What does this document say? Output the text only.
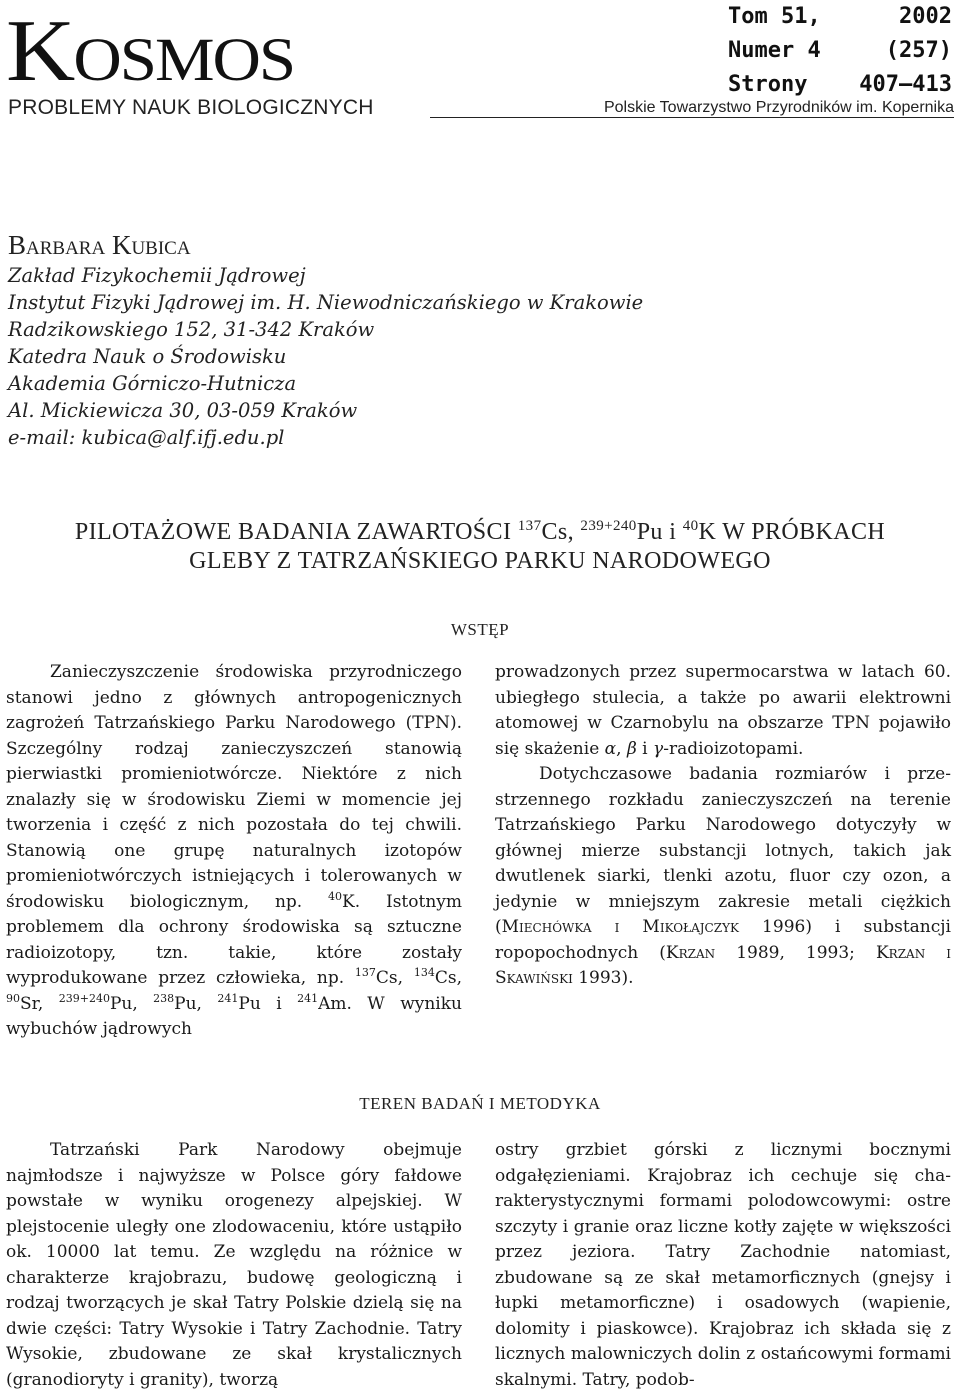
Kosmos
PROBLEMY NAUK BIOLOGICZNYCH
Tom 51,	2002
Numer 4	(257)
Strony 407–413
Polskie Towarzystwo Przyrodników im. Kopernika
Barbara Kubica
Zakład Fizykochemii Jądrowej
Instytut Fizyki Jądrowej im. H. Niewodniczańskiego w Krakowie
Radzikowskiego 152, 31-342 Kraków
Katedra Nauk o Środowisku
Akademia Górniczo-Hutnicza
Al. Mickiewicza 30, 03-059 Kraków
e-mail: kubica@alf.ifj.edu.pl
PILOTAŻOWE BADANIA ZAWARTOŚCI $^{137}$Cs, $^{239+240}$Pu i $^{40}$K W PRÓBKACH
GLEBY Z TATRZAŃSKIEGO PARKU NARODOWEGO
WSTĘP

Zanieczyszczenie środowiska przyrodniczego stanowi jedno z głównych antropogenicznych zagrożeń Tatrzańskiego Parku Narodowego (TPN). Szczególny rodzaj zanieczyszczeń stanowią pierwiastki promieniotwórcze. Niektóre z nich znalazły się w środowisku Ziemi w momencie jej tworzenia i część z nich pozostała do tej chwili. Stanowią one grupę naturalnych izotopów promieniotwórczych istniejących i tolerowanych w środowisku biologicznym, np. $^{40}$K. Istotnym problemem dla ochrony środowiska są sztuczne radioizotopy, tzn. takie, które zostały wyprodukowane przez człowieka, np. $^{137}$Cs, $^{134}$Cs, $^{90}$Sr, $^{239+240}$Pu, $^{238}$Pu, $^{241}$Pu i $^{241}$Am. W wyniku wybuchów jądrowych

prowadzonych przez supermocarstwa w latach 60. ubiegłego stulecia, a także po awarii elektrowni atomowej w Czarnobylu na obszarze TPN pojawiło się skażenie α, β i γ-radioizotopami.

Dotychczasowe badania rozmiarów i przestrzennego rozkładu zanieczyszczeń na terenie Tatrzańskiego Parku Narodowego dotyczyły w głównej mierze substancji lotnych, takich jak dwutlenek siarki, tlenki azotu, fluor czy ozon, a jedynie w mniejszym zakresie metali ciężkich (Miechówka i Mikołajczyk 1996) i substancji ropopochodnych (Krzan 1989, 1993; Krzan i Skawiński 1993).

TEREN BADAŃ I METODYKA

Tatrzański Park Narodowy obejmuje najmłodsze i najwyższe w Polsce góry fałdowe powstałe w wyniku orogenezy alpejskiej. W plejstocenie uległy one zlodowaceniu, które ustąpiło ok. 10000 lat temu. Ze względu na różnice w charakterze krajobrazu, budowę geologiczną i rodzaj tworzących je skał Tatry Polskie dzielą się na dwie części: Tatry Wysokie i Tatry Zachodnie. Tatry Wysokie, zbudowane ze skał krystalicznych (granodioryty i granity), tworzą

ostry grzbiet górski z licznymi bocznymi odgałęzieniami. Krajobraz ich cechuje się charakterystycznymi formami polodowcowymi: ostre szczyty i granie oraz liczne kotły zajęte w większości przez jeziora. Tatry Zachodnie natomiast, zbudowane są ze skał metamorficznych (gnejsy i łupki metamorficzne) i osadowych (wapienie, dolomity i piaskowce). Krajobraz ich składa się z licznych malowniczych dolin z ostańcowymi formami skalnymi. Tatry, podob-
